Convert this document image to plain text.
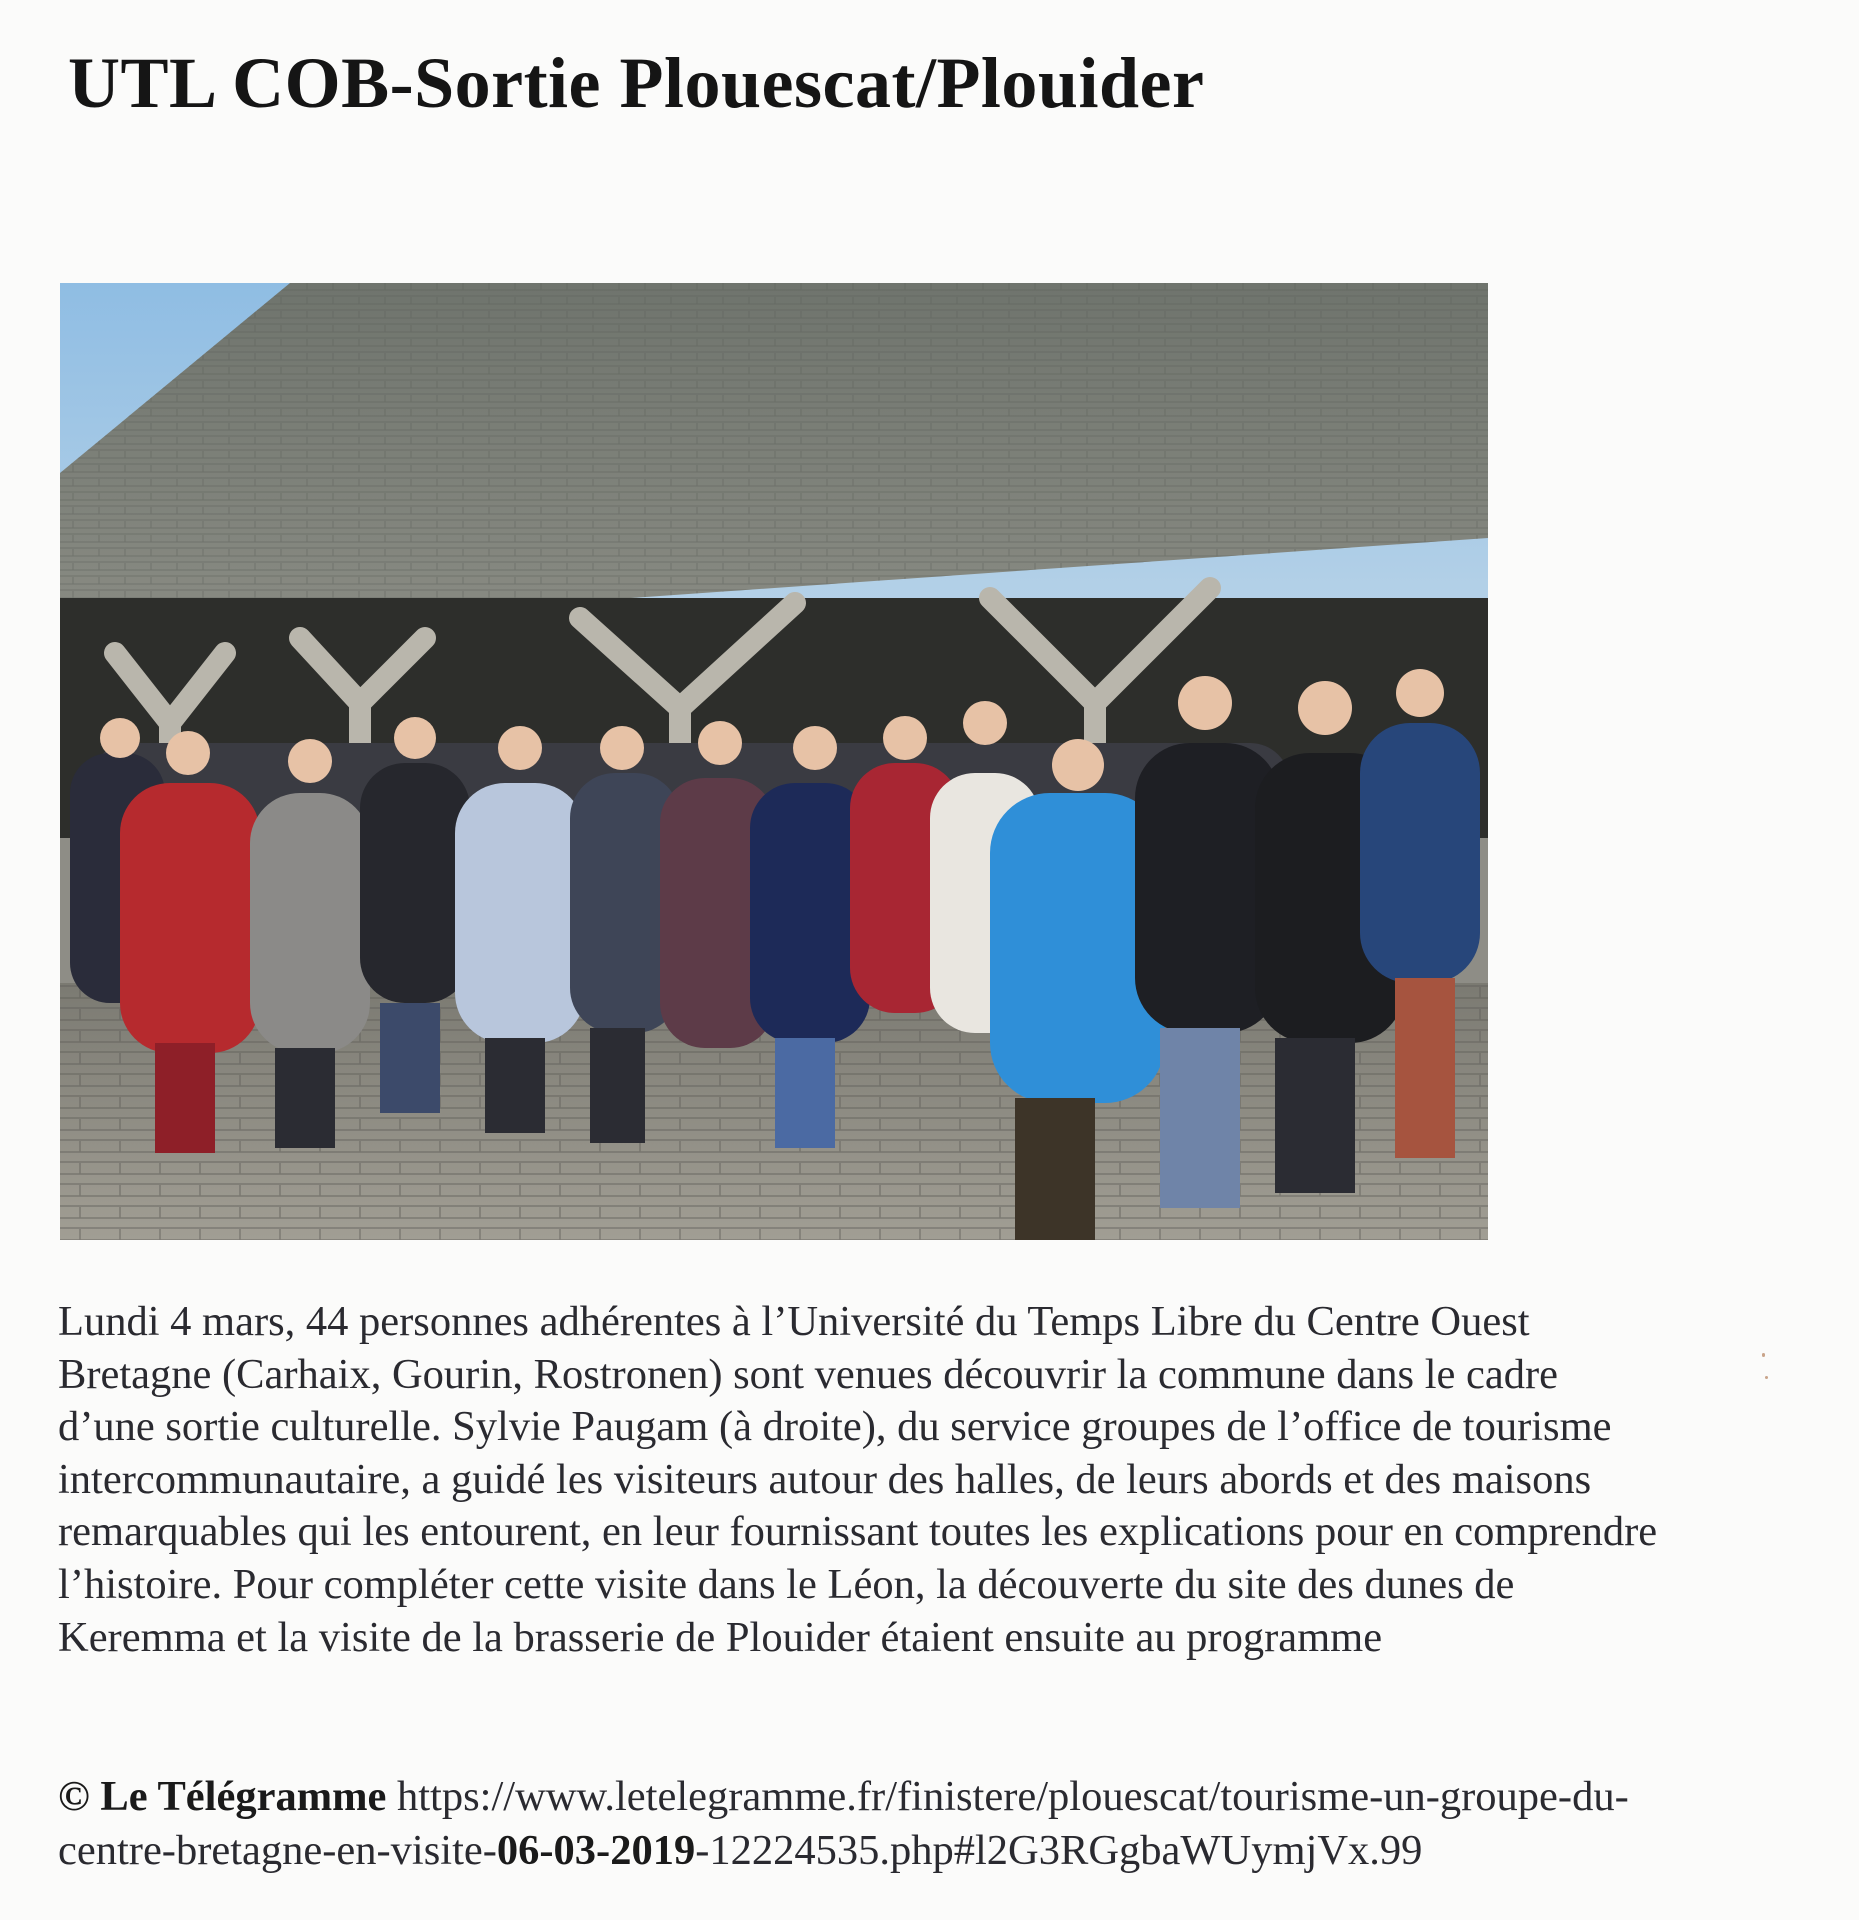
UTL COB-Sortie Plouescat/Plouider

Lundi 4 mars, 44 personnes adhérentes à l’Université du Temps Libre du Centre Ouest
Bretagne (Carhaix, Gourin, Rostronen) sont venues découvrir la commune dans le cadre
d’une sortie culturelle. Sylvie Paugam (à droite), du service groupes de l’office de tourisme
intercommunautaire, a guidé les visiteurs autour des halles, de leurs abords et des maisons
remarquables qui les entourent, en leur fournissant toutes les explications pour en comprendre
l’histoire. Pour compléter cette visite dans le Léon, la découverte du site des dunes de
Keremma et la visite de la brasserie de Plouider étaient ensuite au programme

© Le Télégramme https://www.letelegramme.fr/finistere/plouescat/tourisme-un-groupe-du-
centre-bretagne-en-visite-06-03-2019-12224535.php#l2G3RGgbaWUymjVx.99
